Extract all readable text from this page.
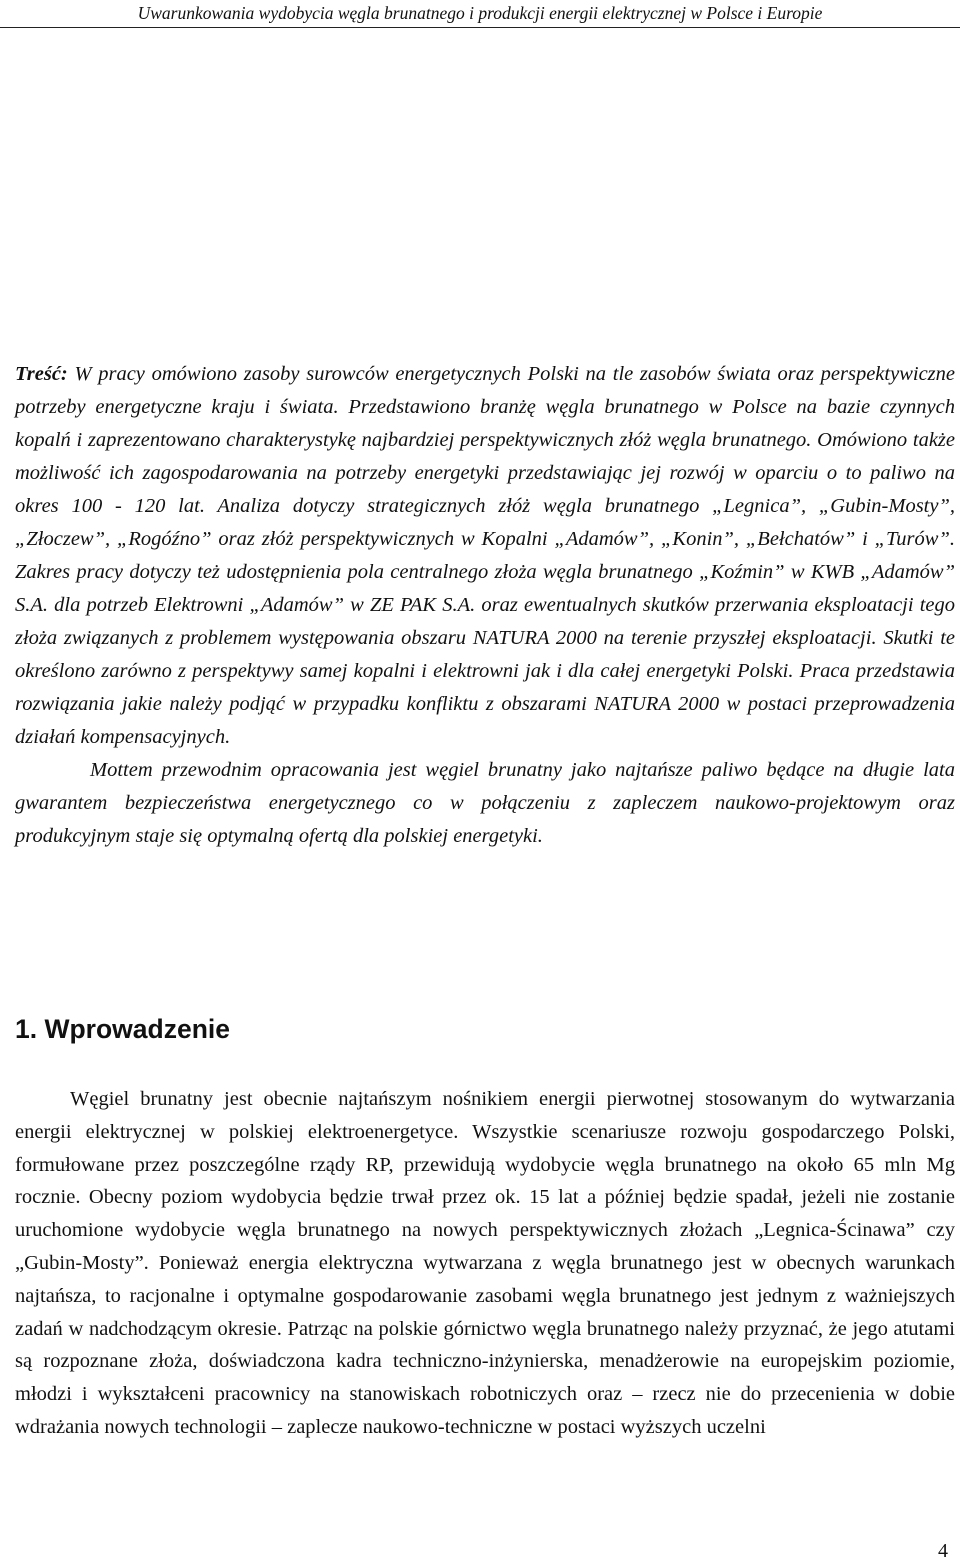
Uwarunkowania wydobycia węgla brunatnego i produkcji energii elektrycznej w Polsce i Europie

Treść: W pracy omówiono zasoby surowców energetycznych Polski na tle zasobów świata oraz perspektywiczne potrzeby energetyczne kraju i świata. Przedstawiono branżę węgla brunatnego w Polsce na bazie czynnych kopalń i zaprezentowano charakterystykę najbardziej perspektywicznych złóż węgla brunatnego. Omówiono także możliwość ich zagospodarowania na potrzeby energetyki przedstawiając jej rozwój w oparciu o to paliwo na okres 100 - 120 lat. Analiza dotyczy strategicznych złóż węgla brunatnego „Legnica”, „Gubin-Mosty”, „Złoczew”, „Rogóźno” oraz złóż perspektywicznych w Kopalni „Adamów”, „Konin”, „Bełchatów” i „Turów”. Zakres pracy dotyczy też udostępnienia pola centralnego złoża węgla brunatnego „Koźmin” w KWB „Adamów” S.A. dla potrzeb Elektrowni „Adamów” w ZE PAK S.A. oraz ewentualnych skutków przerwania eksploatacji tego złoża związanych z problemem występowania obszaru NATURA 2000 na terenie przyszłej eksploatacji. Skutki te określono zarówno z perspektywy samej kopalni i elektrowni jak i dla całej energetyki Polski. Praca przedstawia rozwiązania jakie należy podjąć w przypadku konfliktu z obszarami NATURA 2000 w postaci przeprowadzenia działań kompensacyjnych.

Mottem przewodnim opracowania jest węgiel brunatny jako najtańsze paliwo będące na długie lata gwarantem bezpieczeństwa energetycznego co w połączeniu z zapleczem naukowo-projektowym oraz produkcyjnym staje się optymalną ofertą dla polskiej energetyki.

1. Wprowadzenie

Węgiel brunatny jest obecnie najtańszym nośnikiem energii pierwotnej stosowanym do wytwarzania energii elektrycznej w polskiej elektroenergetyce. Wszystkie scenariusze rozwoju gospodarczego Polski, formułowane przez poszczególne rządy RP, przewidują wydobycie węgla brunatnego na około 65 mln Mg rocznie. Obecny poziom wydobycia będzie trwał przez ok. 15 lat a później będzie spadał, jeżeli nie zostanie uruchomione wydobycie węgla brunatnego na nowych perspektywicznych złożach „Legnica-Ścinawa” czy „Gubin-Mosty”. Ponieważ energia elektryczna wytwarzana z węgla brunatnego jest w obecnych warunkach najtańsza, to racjonalne i optymalne gospodarowanie zasobami węgla brunatnego jest jednym z ważniejszych zadań w nadchodzącym okresie. Patrząc na polskie górnictwo węgla brunatnego należy przyznać, że jego atutami są rozpoznane złoża, doświadczona kadra techniczno-inżynierska, menadżerowie na europejskim poziomie, młodzi i wykształceni pracownicy na stanowiskach robotniczych oraz – rzecz nie do przecenienia w dobie wdrażania nowych technologii – zaplecze naukowo-techniczne w postaci wyższych uczelni

4
